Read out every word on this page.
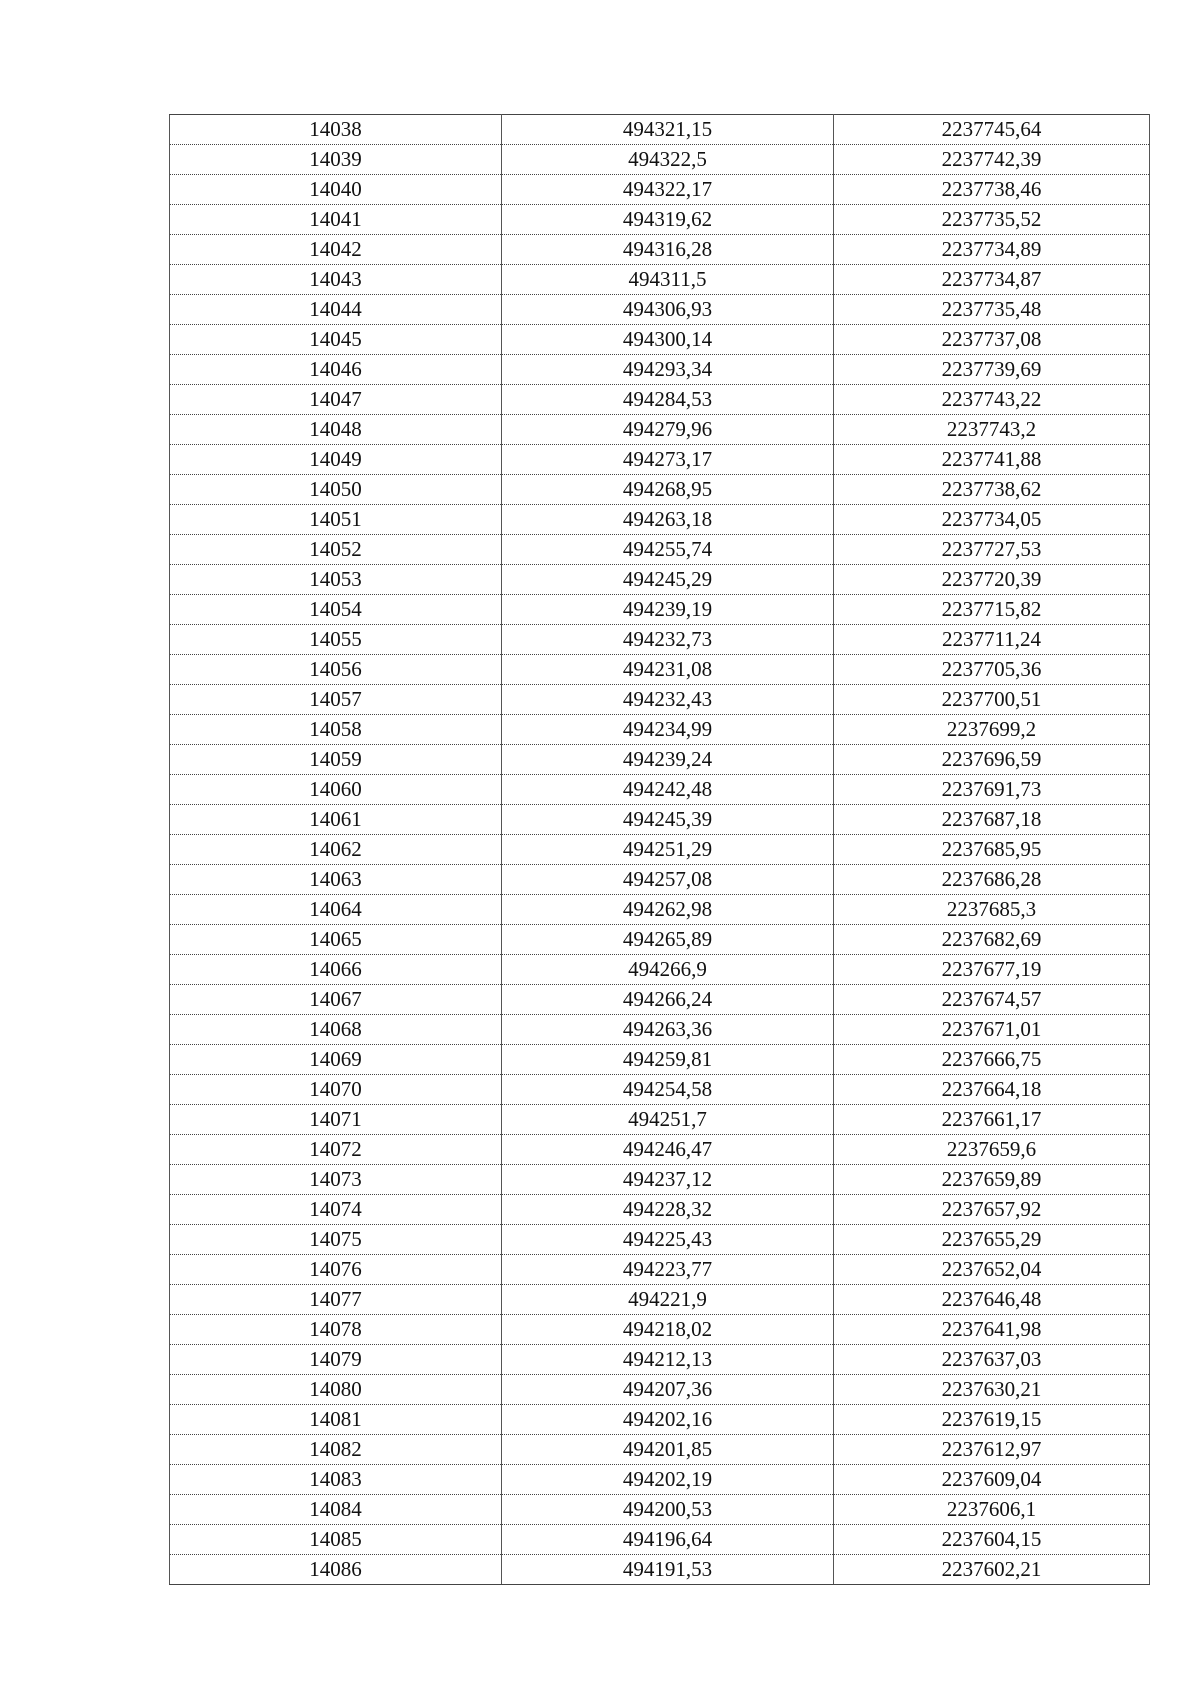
14038	494321,15	2237745,64
14039	494322,5	2237742,39
14040	494322,17	2237738,46
14041	494319,62	2237735,52
14042	494316,28	2237734,89
14043	494311,5	2237734,87
14044	494306,93	2237735,48
14045	494300,14	2237737,08
14046	494293,34	2237739,69
14047	494284,53	2237743,22
14048	494279,96	2237743,2
14049	494273,17	2237741,88
14050	494268,95	2237738,62
14051	494263,18	2237734,05
14052	494255,74	2237727,53
14053	494245,29	2237720,39
14054	494239,19	2237715,82
14055	494232,73	2237711,24
14056	494231,08	2237705,36
14057	494232,43	2237700,51
14058	494234,99	2237699,2
14059	494239,24	2237696,59
14060	494242,48	2237691,73
14061	494245,39	2237687,18
14062	494251,29	2237685,95
14063	494257,08	2237686,28
14064	494262,98	2237685,3
14065	494265,89	2237682,69
14066	494266,9	2237677,19
14067	494266,24	2237674,57
14068	494263,36	2237671,01
14069	494259,81	2237666,75
14070	494254,58	2237664,18
14071	494251,7	2237661,17
14072	494246,47	2237659,6
14073	494237,12	2237659,89
14074	494228,32	2237657,92
14075	494225,43	2237655,29
14076	494223,77	2237652,04
14077	494221,9	2237646,48
14078	494218,02	2237641,98
14079	494212,13	2237637,03
14080	494207,36	2237630,21
14081	494202,16	2237619,15
14082	494201,85	2237612,97
14083	494202,19	2237609,04
14084	494200,53	2237606,1
14085	494196,64	2237604,15
14086	494191,53	2237602,21
